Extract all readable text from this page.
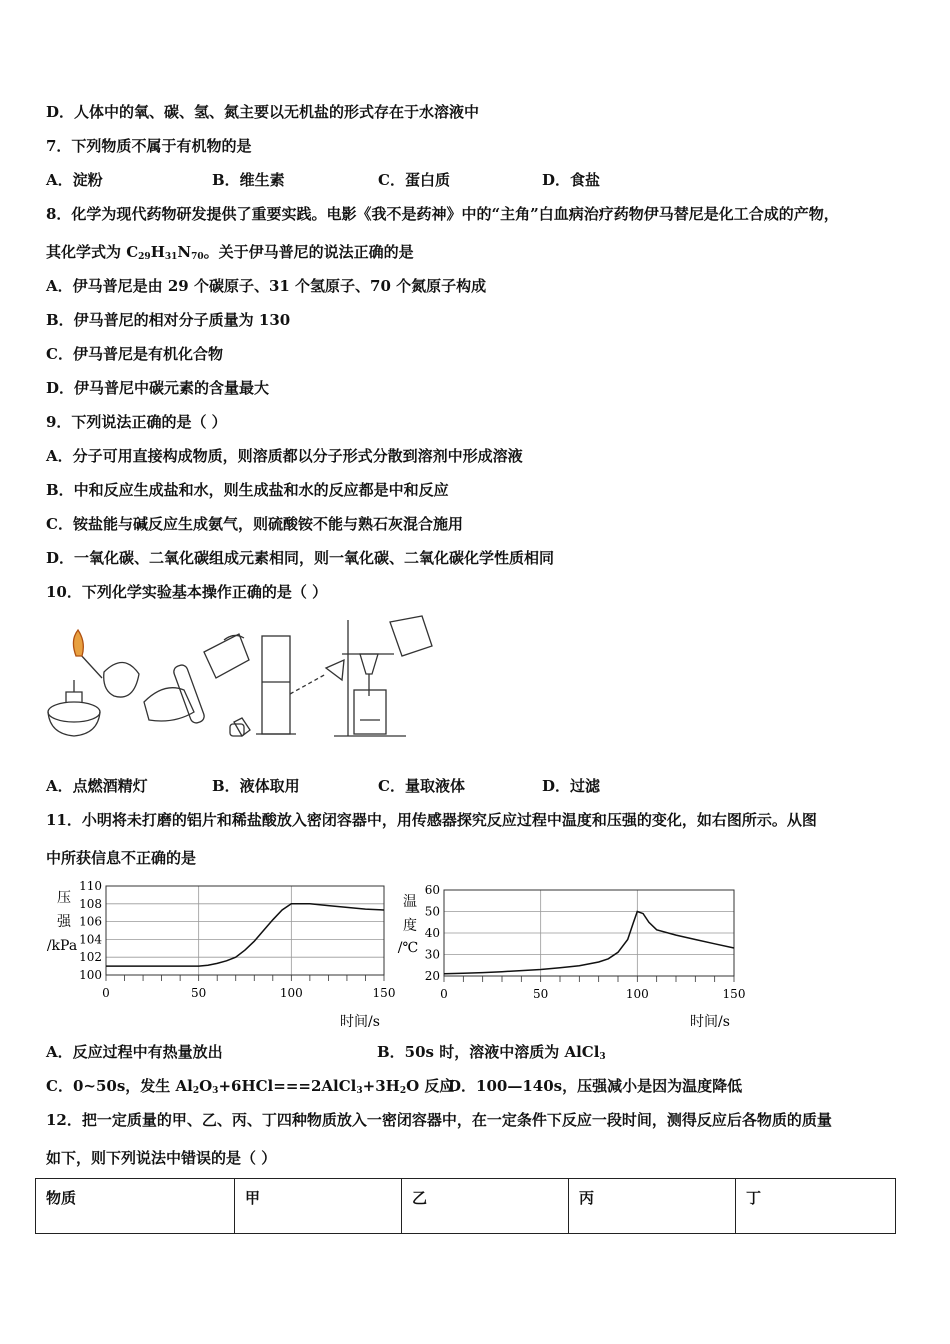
D．人体中的氧、碳、氢、氮主要以无机盐的形式存在于水溶液中
7．下列物质不属于有机物的是
A．淀粉	B．维生素	C．蛋白质	D．食盐
8．化学为现代药物研发提供了重要实践。电影《我不是药神》中的“主角”白血病治疗药物伊马替尼是化工合成的产物，
其化学式为 $C_{29}H_{31}N_{70}$。关于伊马普尼的说法正确的是
A．伊马普尼是由 29 个碳原子、31 个氢原子、70 个氮原子构成
B．伊马普尼的相对分子质量为 130
C．伊马普尼是有机化合物
D．伊马普尼中碳元素的含量最大
9．下列说法正确的是（ ）
A．分子可用直接构成物质，则溶质都以分子形式分散到溶剂中形成溶液
B．中和反应生成盐和水，则生成盐和水的反应都是中和反应
C．铵盐能与碱反应生成氨气，则硫酸铵不能与熟石灰混合施用
D．一氧化碳、二氧化碳组成元素相同，则一氧化碳、二氧化碳化学性质相同
10．下列化学实验基本操作正确的是（ ）
A．点燃酒精灯	B．液体取用	C．量取液体	D．过滤
11．小明将未打磨的铝片和稀盐酸放入密闭容器中，用传感器探究反应过程中温度和压强的变化，如右图所示。从图
中所获信息不正确的是
压
强
/kPa
100
102
104
106
108
110
0	50	100	150
时间/s
温
度
/℃
20
30
40
50
60
0	50	100	150
时间/s
A．反应过程中有热量放出	B．50s 时，溶液中溶质为 AlCl$_3$
C．0~50s，发生 $Al_2O_3+6HCl===2AlCl_3+3H_2O$ 反应
D．100—140s，压强减小是因为温度降低
12．把一定质量的甲、乙、丙、丁四种物质放入一密闭容器中，在一定条件下反应一段时间，测得反应后各物质的质量
如下，则下列说法中错误的是（ ）
物质	甲	乙	丙	丁
